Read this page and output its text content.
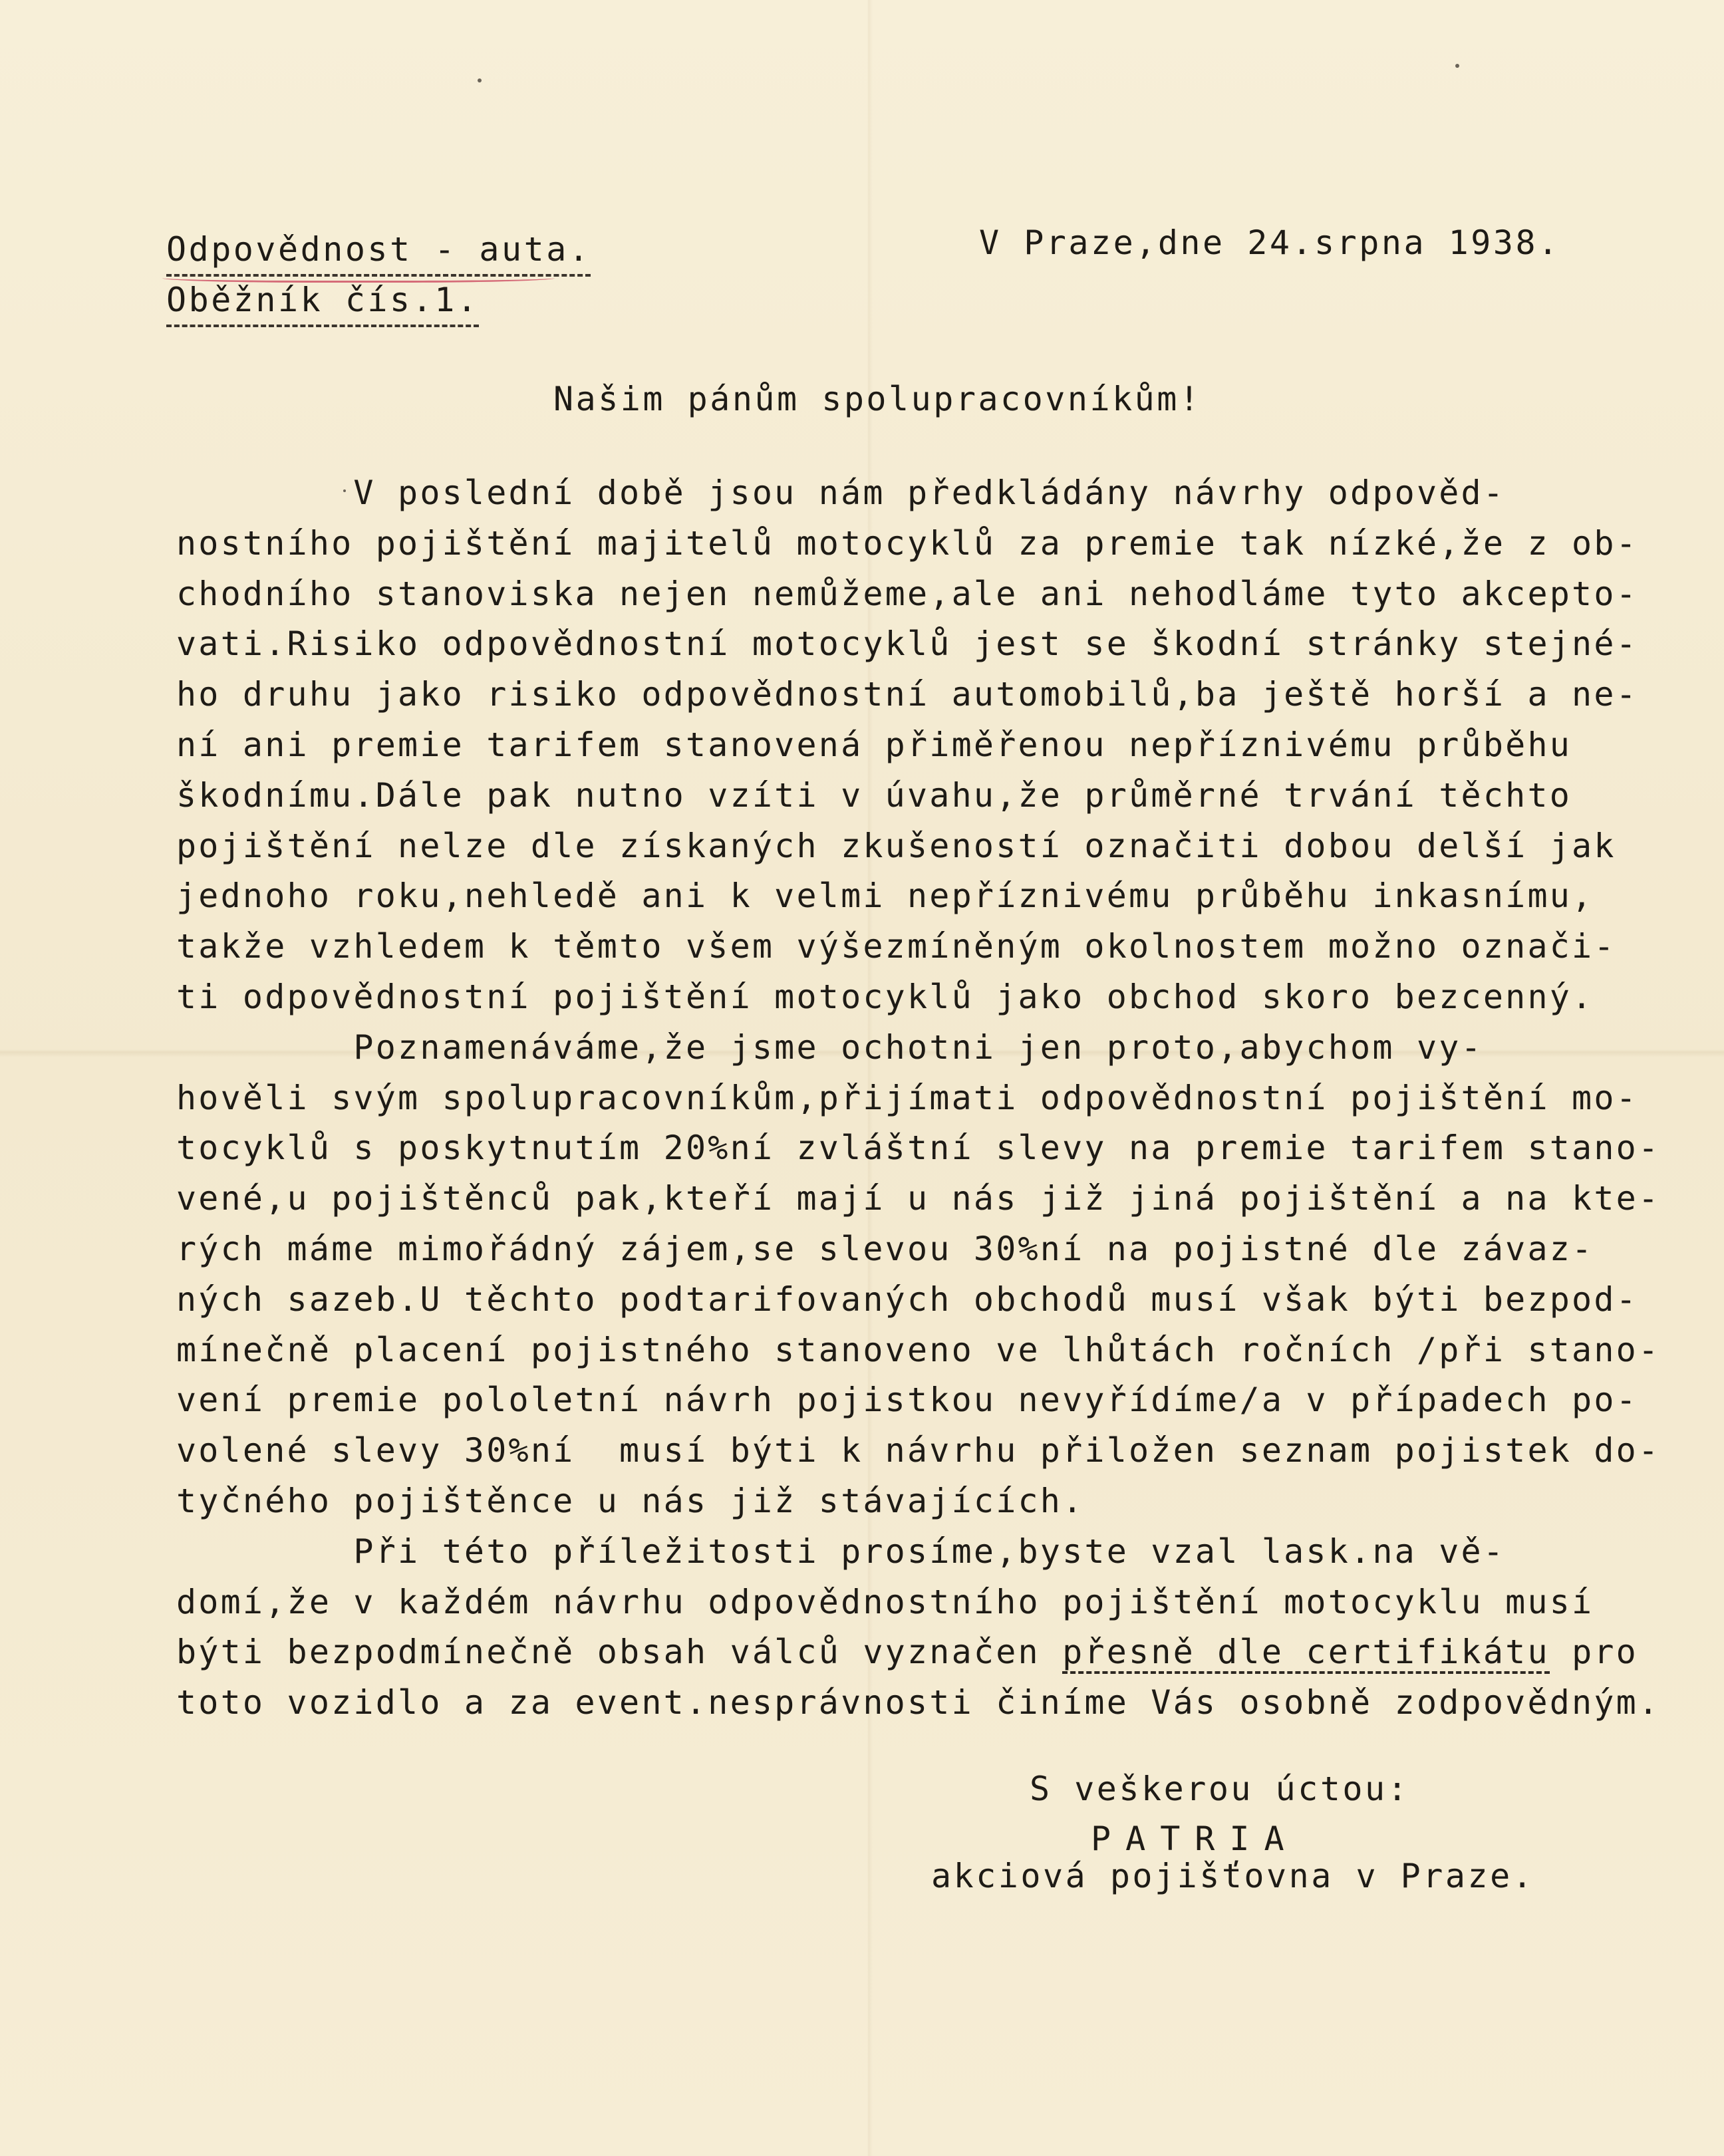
Odpovědnost - auta.
Oběžník čís.1.
V Praze,dne 24.srpna 1938.
Našim pánům spolupracovníkům!
V poslední době jsou nám předkládány návrhy odpověd-
nostního pojištění majitelů motocyklů za premie tak nízké,že z ob-
chodního stanoviska nejen nemůžeme,ale ani nehodláme tyto akcepto-
vati.Risiko odpovědnostní motocyklů jest se škodní stránky stejné-
ho druhu jako risiko odpovědnostní automobilů,ba ještě horší a ne-
ní ani premie tarifem stanovená přiměřenou nepříznivému průběhu
škodnímu.Dále pak nutno vzíti v úvahu,že průměrné trvání těchto
pojištění nelze dle získaných zkušeností označiti dobou delší jak
jednoho roku,nehledě ani k velmi nepříznivému průběhu inkasnímu,
takže vzhledem k těmto všem výšezmíněným okolnostem možno označi-
ti odpovědnostní pojištění motocyklů jako obchod skoro bezcenný.
Poznamenáváme,že jsme ochotni jen proto,abychom vy-
hověli svým spolupracovníkům,přijímati odpovědnostní pojištění mo-
tocyklů s poskytnutím 20%ní zvláštní slevy na premie tarifem stano-
vené,u pojištěnců pak,kteří mají u nás již jiná pojištění a na kte-
rých máme mimořádný zájem,se slevou 30%ní na pojistné dle závaz-
ných sazeb.U těchto podtarifovaných obchodů musí však býti bezpod-
mínečně placení pojistného stanoveno ve lhůtách ročních /při stano-
vení premie pololetní návrh pojistkou nevyřídíme/a v případech po-
volené slevy 30%ní  musí býti k návrhu přiložen seznam pojistek do-
tyčného pojištěnce u nás již stávajících.
Při této příležitosti prosíme,byste vzal lask.na vě-
domí,že v každém návrhu odpovědnostního pojištění motocyklu musí
býti bezpodmínečně obsah válců vyznačen přesně dle certifikátu pro
toto vozidlo a za event.nesprávnosti činíme Vás osobně zodpovědným.
S veškerou úctou:
PATRIA
akciová pojišťovna v Praze.
